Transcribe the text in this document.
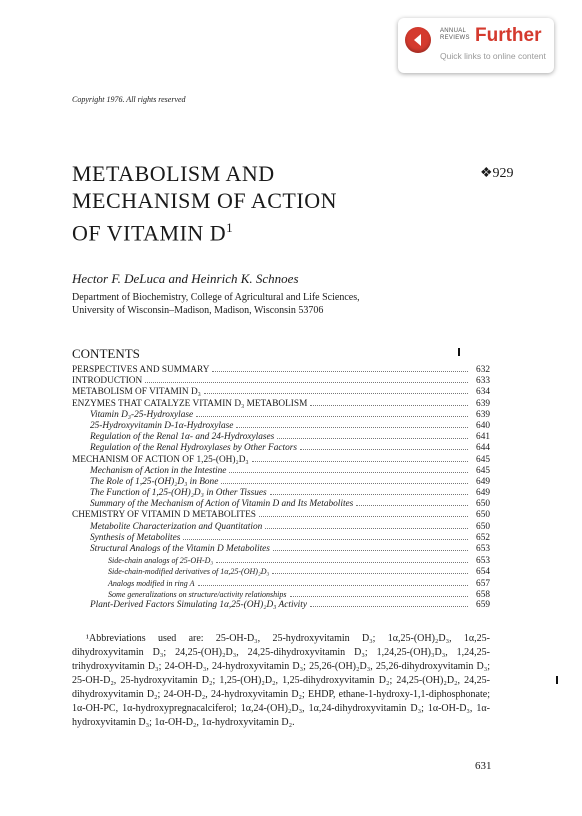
ANNUAL
REVIEWS Further
Quick links to online content
Copyright 1976. All rights reserved
METABOLISM AND
MECHANISM OF ACTION
OF VITAMIN $D^1$
❖929
Hector F. DeLuca and Heinrich K. Schnoes
Department of Biochemistry, College of Agricultural and Life Sciences,
University of Wisconsin–Madison, Madison, Wisconsin 53706
CONTENTS
PERSPECTIVES AND SUMMARY	632
INTRODUCTION	633
METABOLISM OF VITAMIN D₃	634
ENZYMES THAT CATALYZE VITAMIN D₃ METABOLISM	639
Vitamin D₃-25-Hydroxylase	639
25-Hydroxyvitamin D-1α-Hydroxylase	640
Regulation of the Renal 1α- and 24-Hydroxylases	641
Regulation of the Renal Hydroxylases by Other Factors	644
MECHANISM OF ACTION OF 1,25-(OH)₂D₃	645
Mechanism of Action in the Intestine	645
The Role of 1,25-(OH)₂D₃ in Bone	649
The Function of 1,25-(OH)₂D₃ in Other Tissues	649
Summary of the Mechanism of Action of Vitamin D and Its Metabolites	650
CHEMISTRY OF VITAMIN D METABOLITES	650
Metabolite Characterization and Quantitation	650
Synthesis of Metabolites	652
Structural Analogs of the Vitamin D Metabolites	653
Side-chain analogs of 25-OH-D₃	653
Side-chain-modified derivatives of 1α,25-(OH)₂D₃	654
Analogs modified in ring A	657
Some generalizations on structure/activity relationships	658
Plant-Derived Factors Simulating 1α,25-(OH)₂D₃ Activity	659

¹Abbreviations used are: 25-OH-D₃, 25-hydroxyvitamin D₃; 1α,25-(OH)₂D₃, 1α,25-dihydroxyvitamin D₃; 24,25-(OH)₂D₃, 24,25-dihydroxyvitamin D₃; 1,24,25-(OH)₃D₃, 1,24,25-trihydroxyvitamin D₃; 24-OH-D₃, 24-hydroxyvitamin D₃; 25,26-(OH)₂D₃, 25,26-dihydroxyvitamin D₃; 25-OH-D₂, 25-hydroxyvitamin D₂; 1,25-(OH)₂D₂, 1,25-dihydroxyvitamin D₂; 24,25-(OH)₂D₂, 24,25-dihydroxyvitamin D₂; 24-OH-D₂, 24-hydroxyvitamin D₂; EHDP, ethane-1-hydroxy-1,1-diphosphonate; 1α-OH-PC, 1α-hydroxypregnacalciferol; 1α,24-(OH)₂D₃, 1α,24-dihydroxyvitamin D₃; 1α-OH-D₃, 1α-hydroxyvitamin D₃; 1α-OH-D₂, 1α-hydroxyvitamin D₂.

631
